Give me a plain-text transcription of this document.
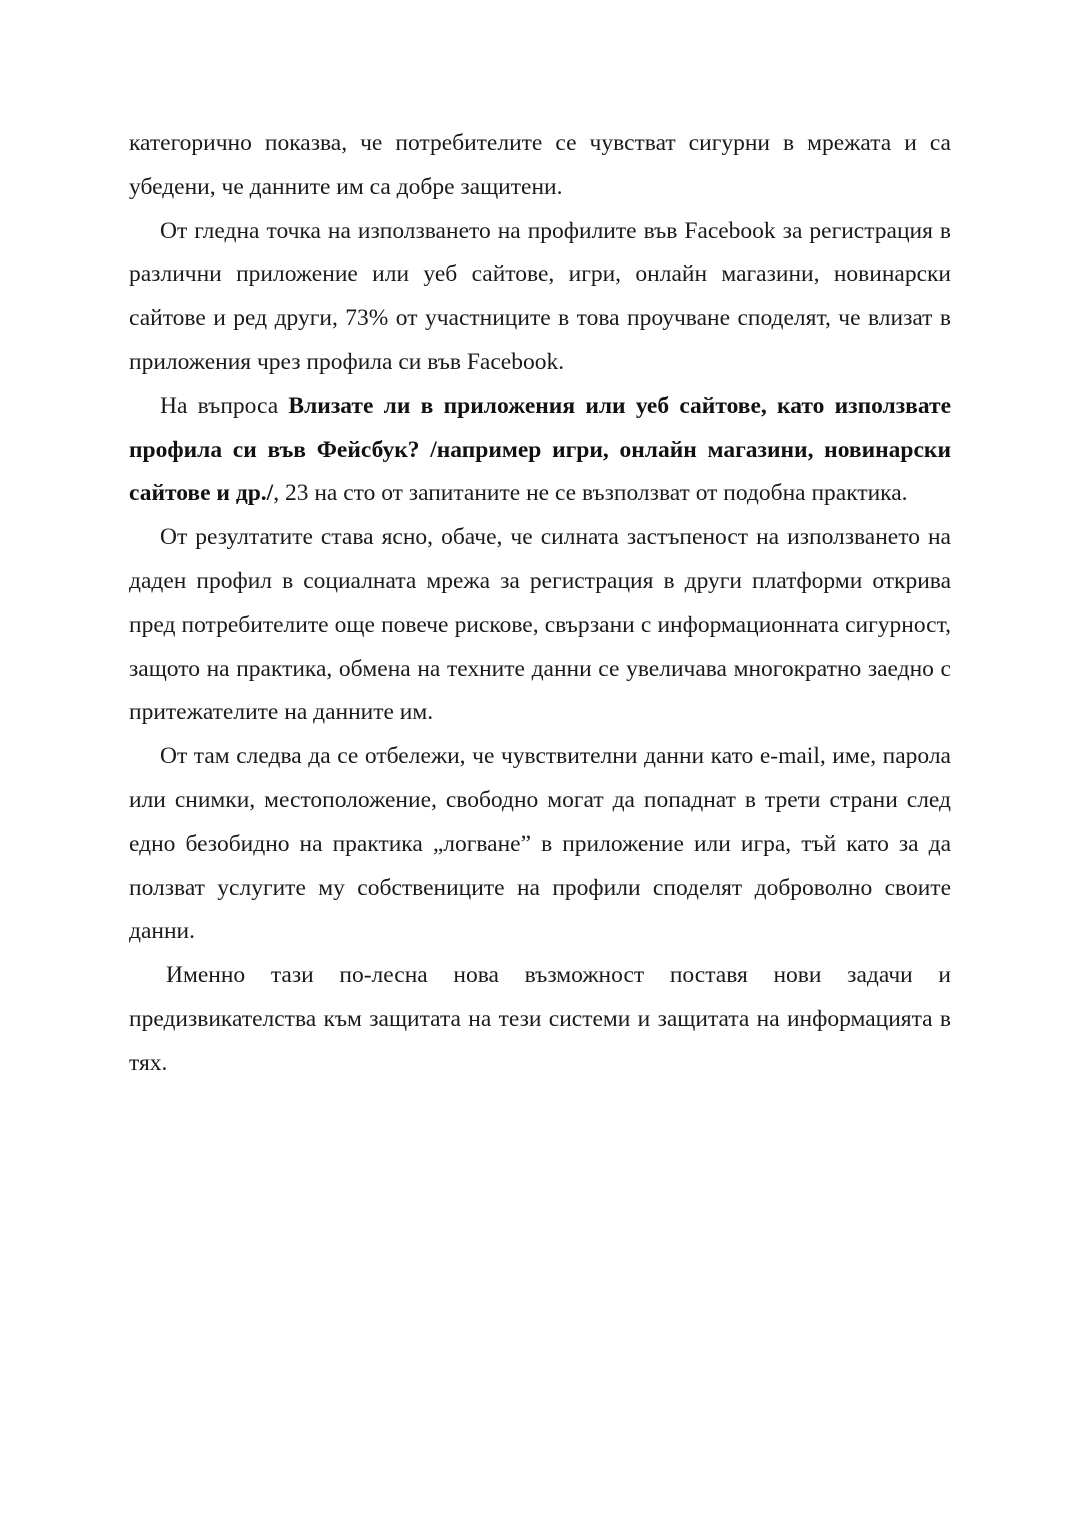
категорично показва, че потребителите се чувстват сигурни в мрежата и са убедени, че данните им са добре защитени.

От гледна точка на използването на профилите във Facebook за регистрация в различни приложение или уеб сайтове, игри, онлайн магазини, новинарски сайтове и ред други, 73% от участниците в това проучване споделят, че влизат в приложения чрез профила си във Facebook.

На въпроса Влизате ли в приложения или уеб сайтове, като използвате профила си във Фейсбук? /например игри, онлайн магазини, новинарски сайтове и др./, 23 на сто от запитаните не се възползват от подобна практика.

От резултатите става ясно, обаче, че силната застъпеност на използването на даден профил в социалната мрежа за регистрация в други платформи открива пред потребителите още повече рискове, свързани с информационната сигурност, защото на практика, обмена на техните данни се увеличава многократно заедно с притежателите на данните им.

От там следва да се отбележи, че чувствителни данни като e-mail, име, парола или снимки, местоположение, свободно могат да попаднат в трети страни след едно безобидно на практика „логване” в приложение или игра, тъй като за да ползват услугите му собствениците на профили споделят доброволно своите данни.

Именно тази по-лесна нова възможност поставя нови задачи и предизвикателства към защитата на тези системи и защитата на информацията в тях.
